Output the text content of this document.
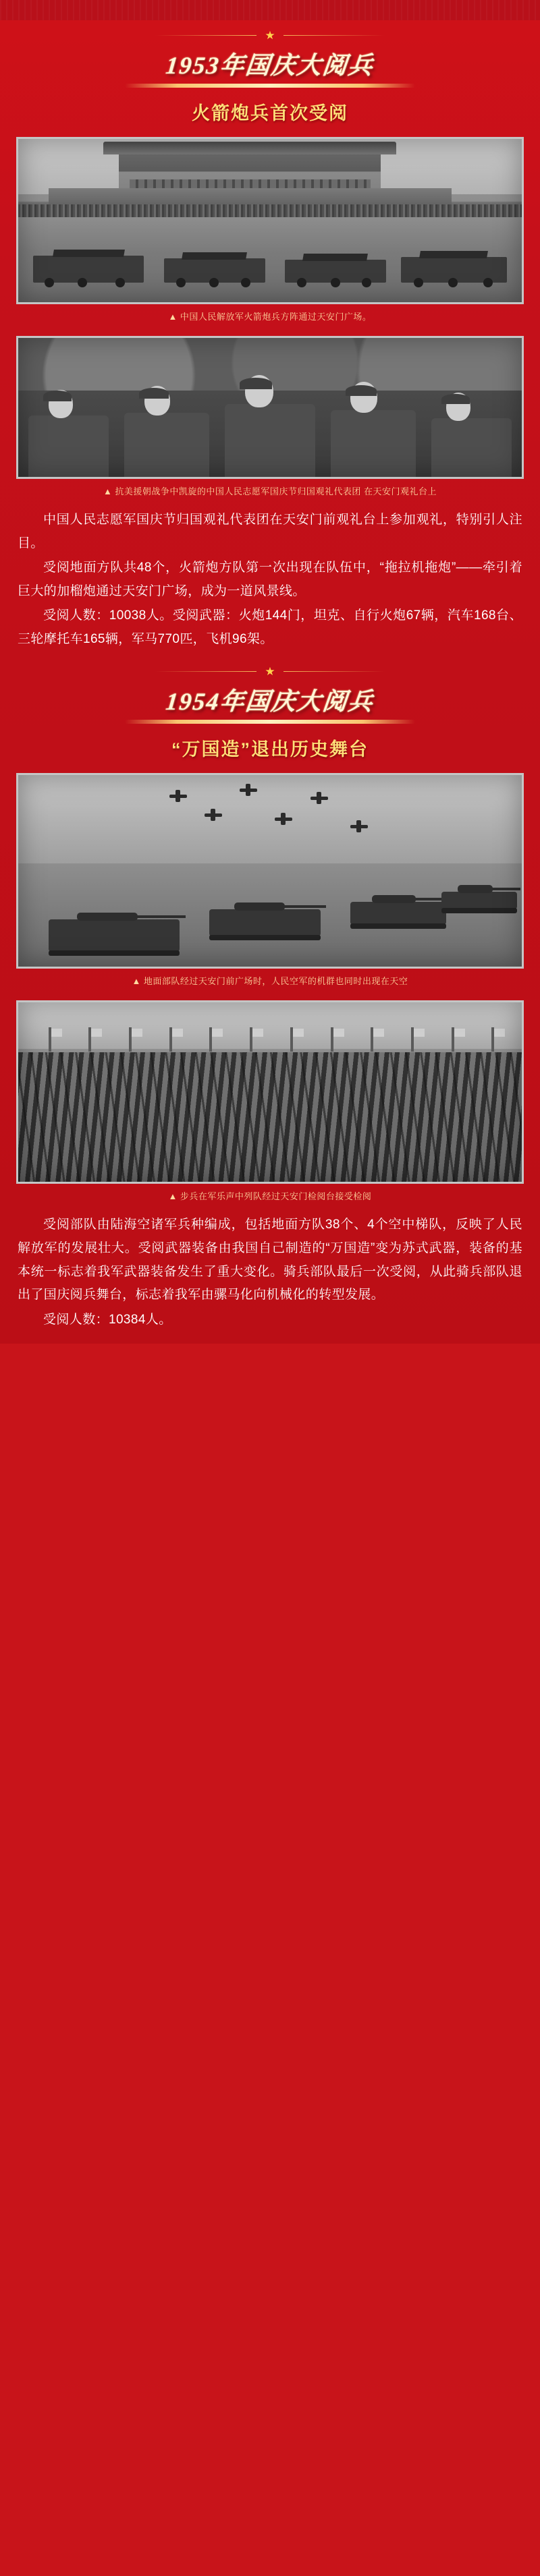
★
1953年国庆大阅兵
火箭炮兵首次受阅
▲ 中国人民解放军火箭炮兵方阵通过天安门广场。
▲ 抗美援朝战争中凯旋的中国人民志愿军国庆节归国观礼代表团 在天安门观礼台上

中国人民志愿军国庆节归国观礼代表团在天安门前观礼台上参加观礼，特别引人注目。

受阅地面方队共48个，火箭炮方队第一次出现在队伍中，“拖拉机拖炮”——牵引着巨大的加榴炮通过天安门广场，成为一道风景线。

受阅人数：10038人。受阅武器：火炮144门，坦克、自行火炮67辆，汽车168台、三轮摩托车165辆，军马770匹，飞机96架。

★
1954年国庆大阅兵
“万国造”退出历史舞台
▲ 地面部队经过天安门前广场时，人民空军的机群也同时出现在天空
▲ 步兵在军乐声中列队经过天安门检阅台接受检阅

受阅部队由陆海空诸军兵种编成，包括地面方队38个、4个空中梯队，反映了人民解放军的发展壮大。受阅武器装备由我国自己制造的“万国造”变为苏式武器，装备的基本统一标志着我军武器装备发生了重大变化。骑兵部队最后一次受阅，从此骑兵部队退出了国庆阅兵舞台，标志着我军由骡马化向机械化的转型发展。

受阅人数：10384人。
